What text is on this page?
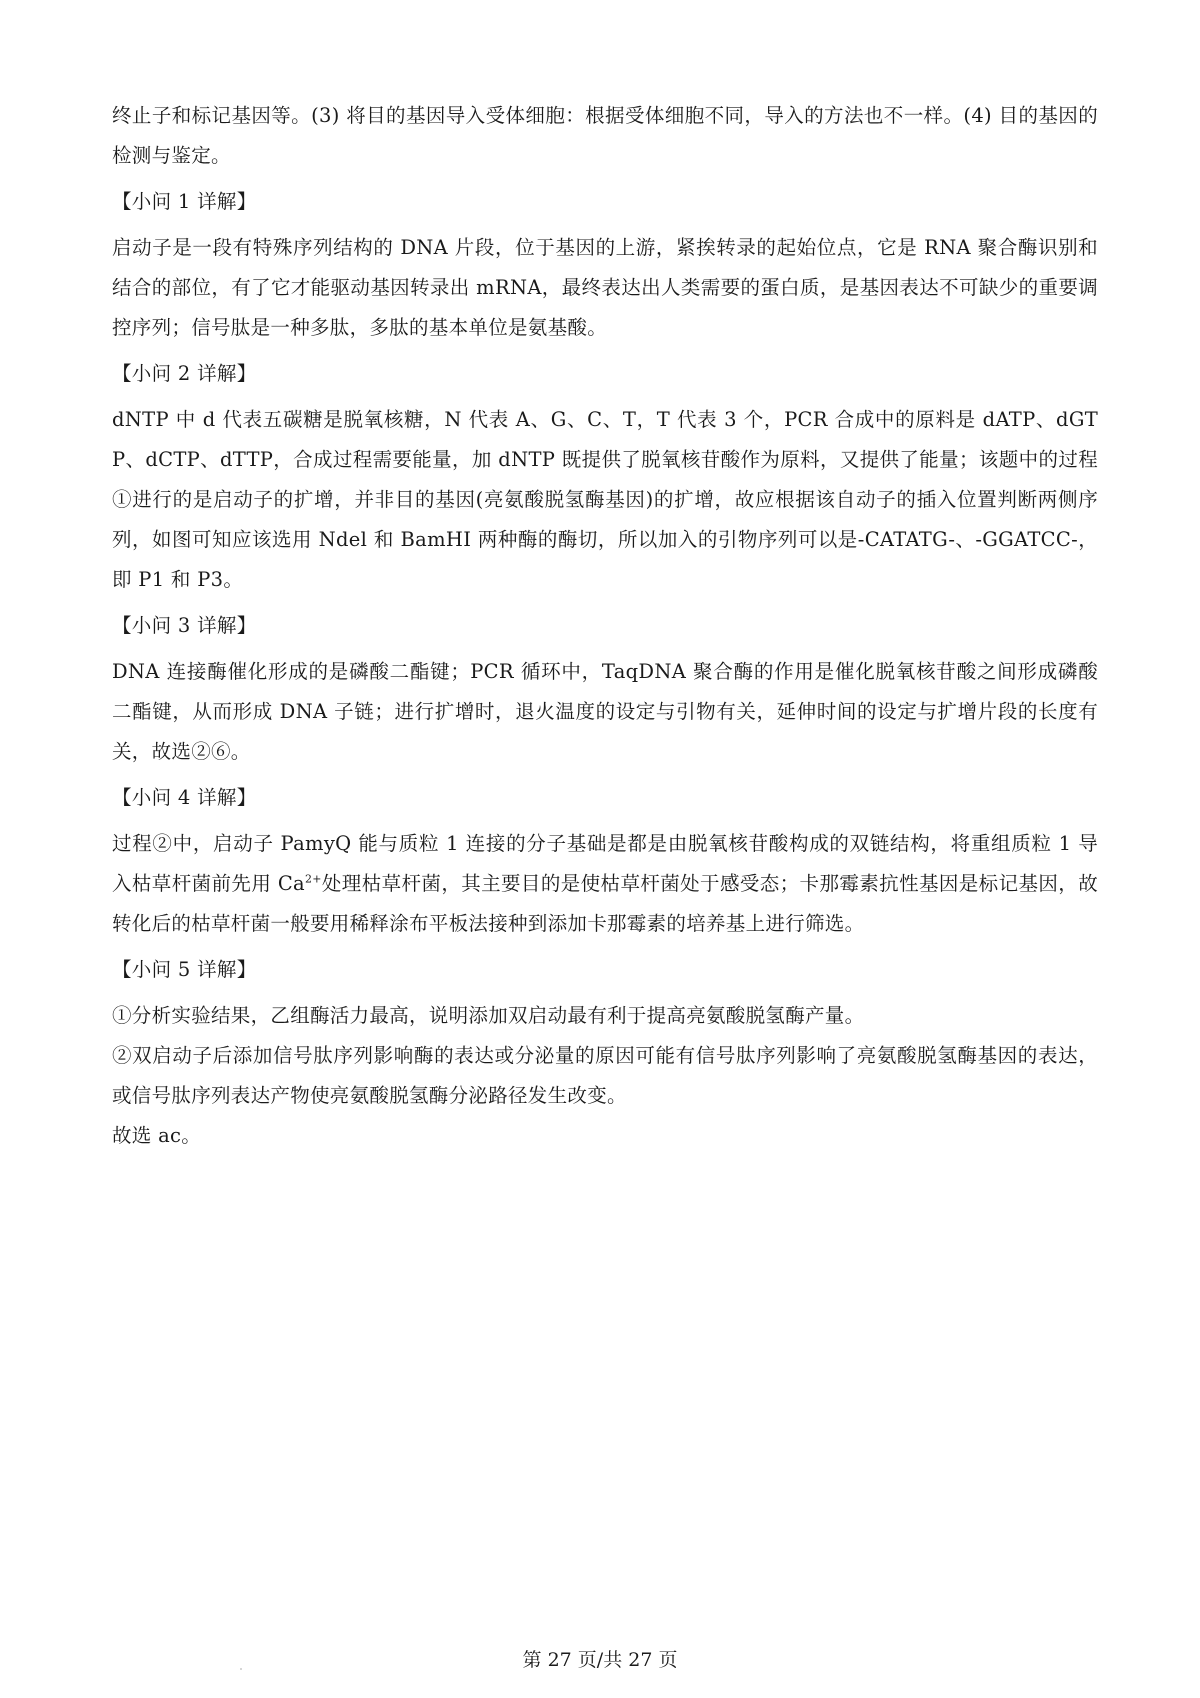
终止子和标记基因等。(3) 将目的基因导入受体细胞：根据受体细胞不同，导入的方法也不一样。(4) 目的基因的检测与鉴定。

【小问 1 详解】

启动子是一段有特殊序列结构的 DNA 片段，位于基因的上游，紧挨转录的起始位点，它是 RNA 聚合酶识别和结合的部位，有了它才能驱动基因转录出 mRNA，最终表达出人类需要的蛋白质，是基因表达不可缺少的重要调控序列；信号肽是一种多肽，多肽的基本单位是氨基酸。

【小问 2 详解】

dNTP 中 d 代表五碳糖是脱氧核糖，N 代表 A、G、C、T，T 代表 3 个，PCR 合成中的原料是 dATP、dGTP、dCTP、dTTP，合成过程需要能量，加 dNTP 既提供了脱氧核苷酸作为原料，又提供了能量；该题中的过程①进行的是启动子的扩增，并非目的基因(亮氨酸脱氢酶基因)的扩增，故应根据该自动子的插入位置判断两侧序列，如图可知应该选用 Ndel 和 BamHI 两种酶的酶切，所以加入的引物序列可以是-CATATG-、-GGATCC-，即 P1 和 P3。

【小问 3 详解】

DNA 连接酶催化形成的是磷酸二酯键；PCR 循环中，TaqDNA 聚合酶的作用是催化脱氧核苷酸之间形成磷酸二酯键，从而形成 DNA 子链；进行扩增时，退火温度的设定与引物有关，延伸时间的设定与扩增片段的长度有关，故选②⑥。

【小问 4 详解】

过程②中，启动子 PamyQ 能与质粒 1 连接的分子基础是都是由脱氧核苷酸构成的双链结构，将重组质粒 1 导入枯草杆菌前先用 $Ca^{2+}$处理枯草杆菌，其主要目的是使枯草杆菌处于感受态；卡那霉素抗性基因是标记基因，故转化后的枯草杆菌一般要用稀释涂布平板法接种到添加卡那霉素的培养基上进行筛选。

【小问 5 详解】

①分析实验结果，乙组酶活力最高，说明添加双启动最有利于提高亮氨酸脱氢酶产量。

②双启动子后添加信号肽序列影响酶的表达或分泌量的原因可能有信号肽序列影响了亮氨酸脱氢酶基因的表达，或信号肽序列表达产物使亮氨酸脱氢酶分泌路径发生改变。

故选 ac。

第 27 页/共 27 页
